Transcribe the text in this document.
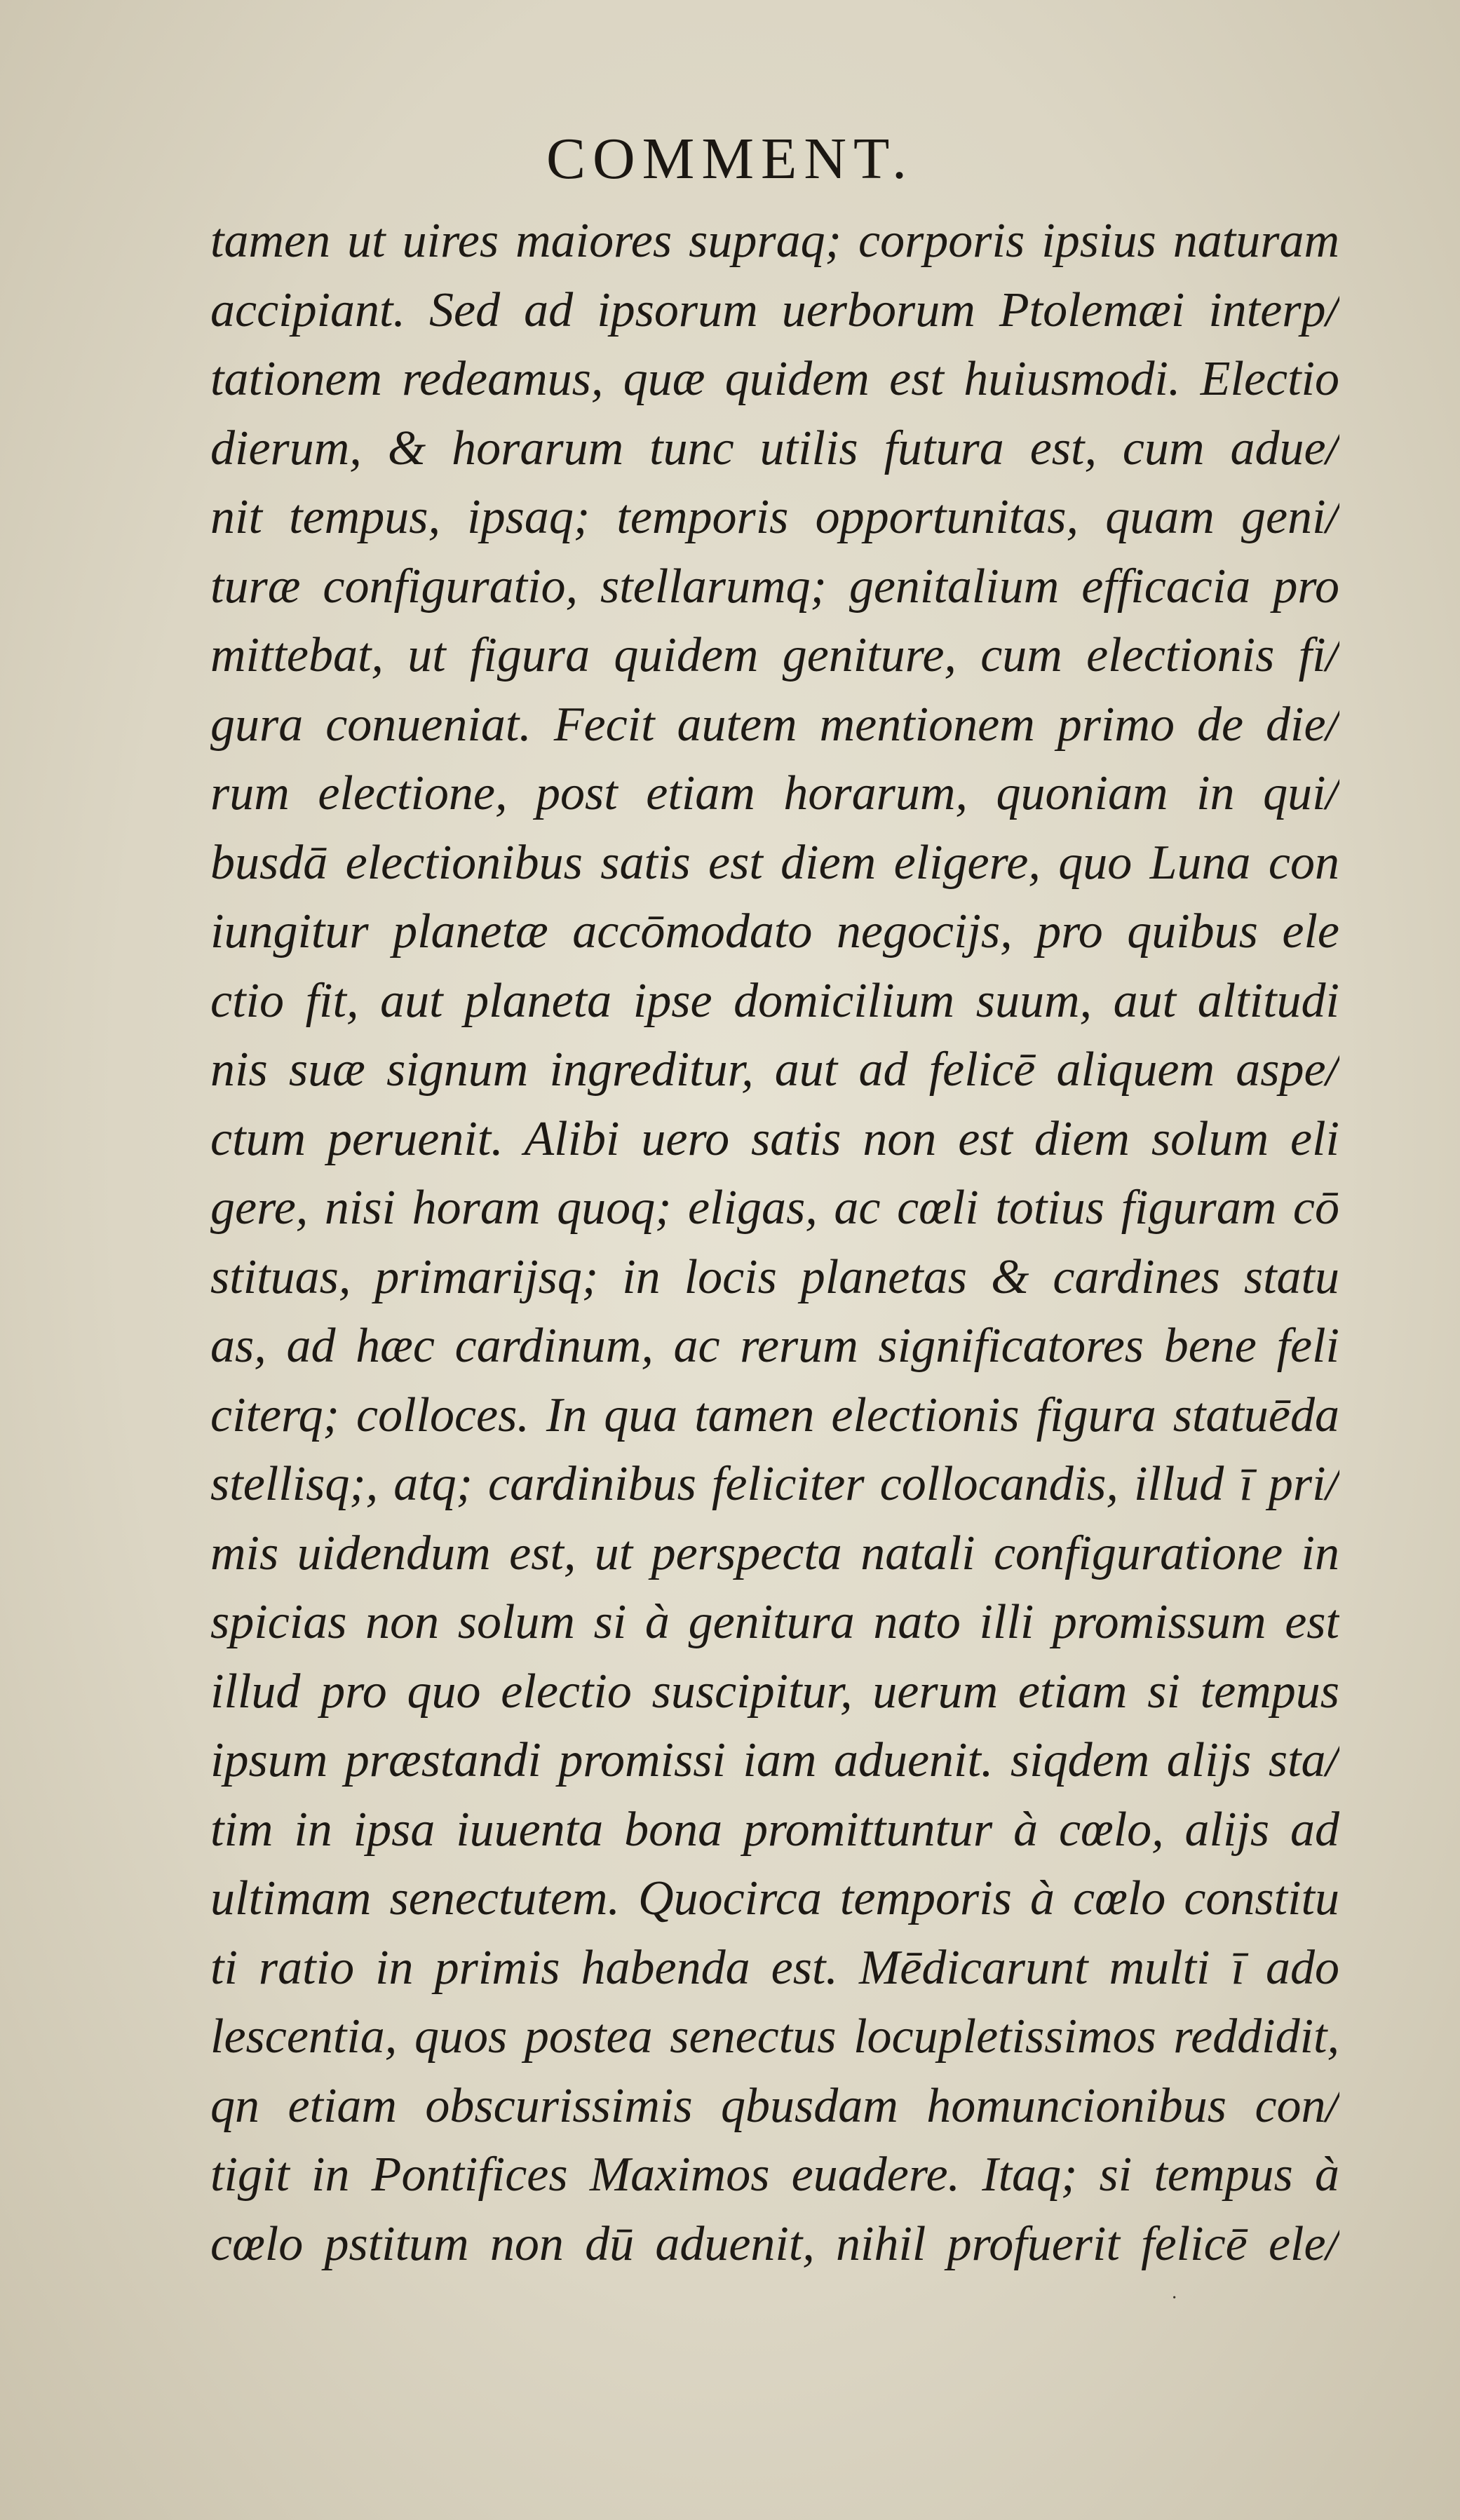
COMMENT.
tamen ut uires maiores supraq; corporis ipsius naturam
accipiant. Sed ad ipsorum uerborum Ptolemæi interp/
tationem redeamus, quæ quidem est huiusmodi. Electio
dierum, & horarum tunc utilis futura est, cum adue/
nit tempus, ipsaq; temporis opportunitas, quam geni/
turæ configuratio, stellarumq; genitalium efficacia pro
mittebat, ut figura quidem geniture, cum electionis fi/
gura conueniat. Fecit autem mentionem primo de die/
rum electione, post etiam horarum, quoniam in qui/
busdā electionibus satis est diem eligere, quo Luna con
iungitur planetæ accōmodato negocijs, pro quibus ele
ctio fit, aut planeta ipse domicilium suum, aut altitudi
nis suæ signum ingreditur, aut ad felicē aliquem aspe/
ctum peruenit. Alibi uero satis non est diem solum eli
gere, nisi horam quoq; eligas, ac cœli totius figuram cō
stituas, primarijsq; in locis planetas & cardines statu
as, ad hæc cardinum, ac rerum significatores bene feli
citerq; colloces. In qua tamen electionis figura statuēda
stellisq;, atq; cardinibus feliciter collocandis, illud ī pri/
mis uidendum est, ut perspecta natali configuratione in
spicias non solum si à genitura nato illi promissum est
illud pro quo electio suscipitur, uerum etiam si tempus
ipsum præstandi promissi iam aduenit. siqdem alijs sta/
tim in ipsa iuuenta bona promittuntur à cœlo, alijs ad
ultimam senectutem. Quocirca temporis à cœlo constitu
ti ratio in primis habenda est. Mēdicarunt multi ī ado
lescentia, quos postea senectus locupletissimos reddidit,
qn etiam obscurissimis qbusdam homuncionibus con/
tigit in Pontifices Maximos euadere. Itaq; si tempus à
cœlo pstitum non dū aduenit, nihil profuerit felicē ele/
·
